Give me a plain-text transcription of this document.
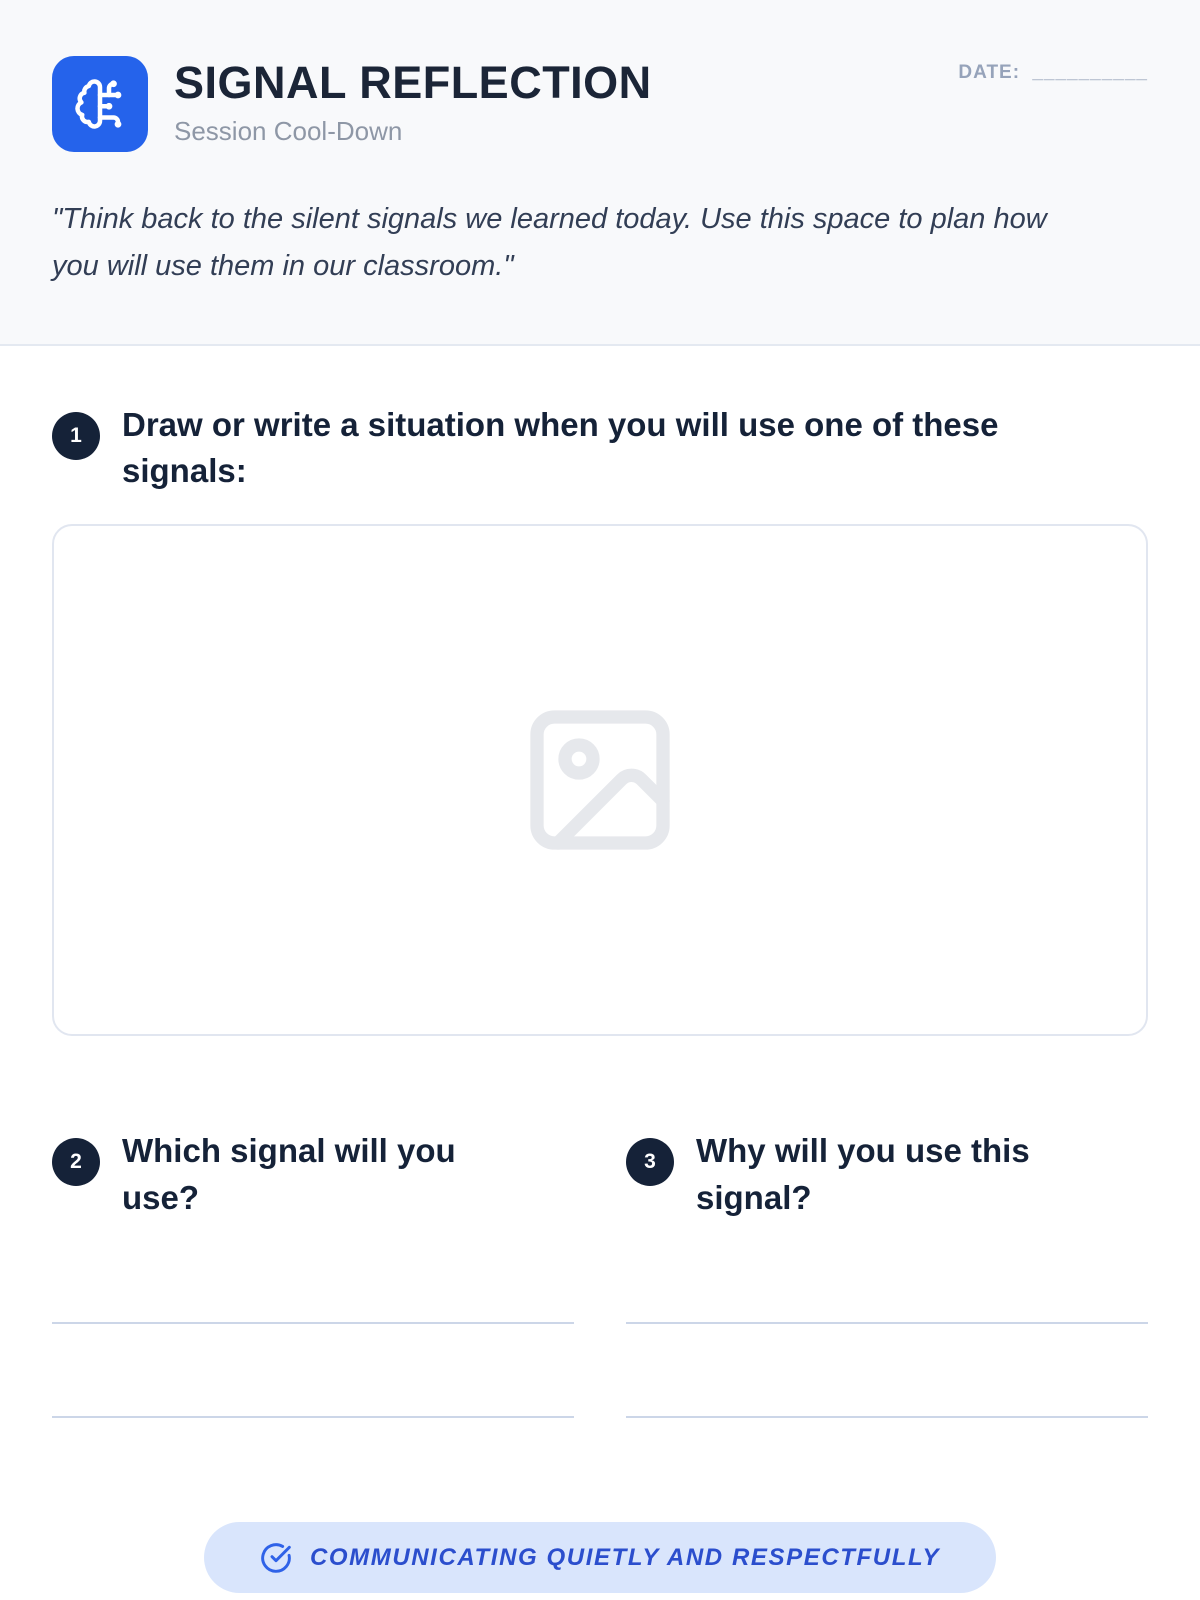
SIGNAL REFLECTION
Session Cool-Down
DATE: __________
"Think back to the silent signals we learned today. Use this space to plan how you will use them in our classroom."
1	Draw or write a situation when you will use one of these signals:
2	Which signal will you use?
3	Why will you use this signal?
COMMUNICATING QUIETLY AND RESPECTFULLY
